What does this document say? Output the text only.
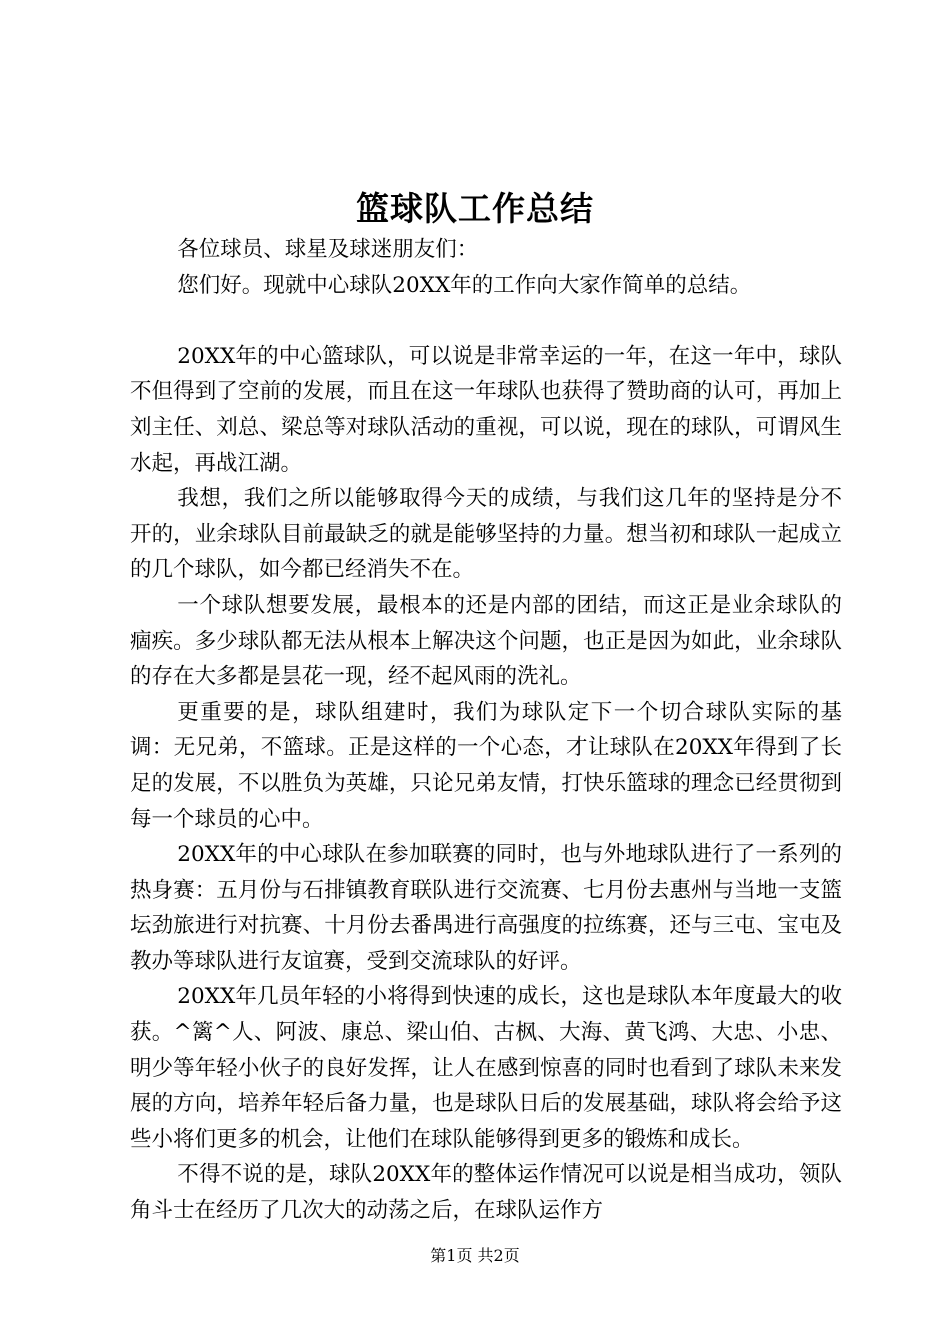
篮球队工作总结

各位球员、球星及球迷朋友们：

您们好。现就中心球队20XX年的工作向大家作简单的总结。

20XX年的中心篮球队，可以说是非常幸运的一年，在这一年中，球队不但得到了空前的发展，而且在这一年球队也获得了赞助商的认可，再加上刘主任、刘总、梁总等对球队活动的重视，可以说，现在的球队，可谓风生水起，再战江湖。

我想，我们之所以能够取得今天的成绩，与我们这几年的坚持是分不开的，业余球队目前最缺乏的就是能够坚持的力量。想当初和球队一起成立的几个球队，如今都已经消失不在。

一个球队想要发展，最根本的还是内部的团结，而这正是业余球队的痼疾。多少球队都无法从根本上解决这个问题，也正是因为如此，业余球队的存在大多都是昙花一现，经不起风雨的洗礼。

更重要的是，球队组建时，我们为球队定下一个切合球队实际的基调：无兄弟，不篮球。正是这样的一个心态，才让球队在20XX年得到了长足的发展，不以胜负为英雄，只论兄弟友情，打快乐篮球的理念已经贯彻到每一个球员的心中。

20XX年的中心球队在参加联赛的同时，也与外地球队进行了一系列的热身赛：五月份与石排镇教育联队进行交流赛、七月份去惠州与当地一支篮坛劲旅进行对抗赛、十月份去番禺进行高强度的拉练赛，还与三屯、宝屯及教办等球队进行友谊赛，受到交流球队的好评。

20XX年几员年轻的小将得到快速的成长，这也是球队本年度最大的收获。^篱^人、阿波、康总、梁山伯、古枫、大海、黄飞鸿、大忠、小忠、明少等年轻小伙子的良好发挥，让人在感到惊喜的同时也看到了球队未来发展的方向，培养年轻后备力量，也是球队日后的发展基础，球队将会给予这些小将们更多的机会，让他们在球队能够得到更多的锻炼和成长。

不得不说的是，球队20XX年的整体运作情况可以说是相当成功，领队角斗士在经历了几次大的动荡之后，在球队运作方

第1页 共2页
